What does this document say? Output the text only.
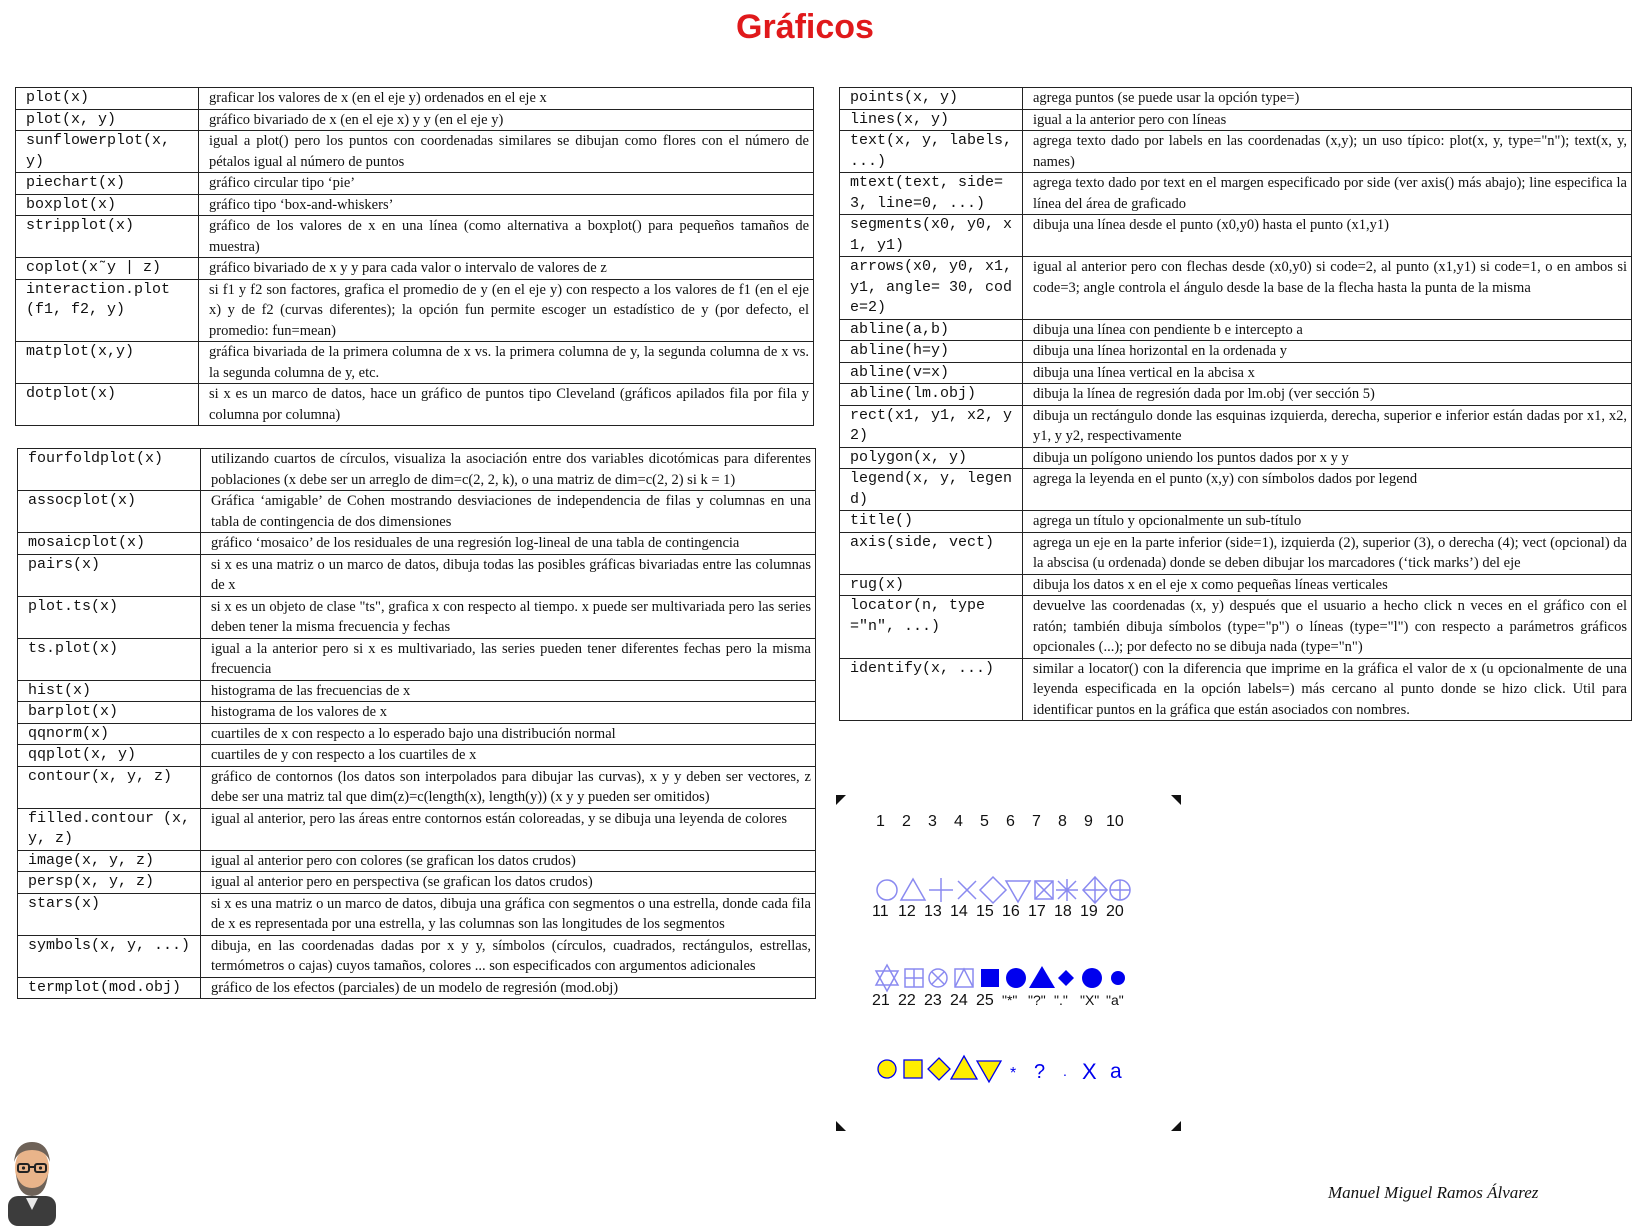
Gráficos
plot(x)	graficar los valores de x (en el eje y) ordenados en el eje x
plot(x, y)	gráfico bivariado de x (en el eje x) y y (en el eje y)
sunflowerplot(x, y)	igual a plot() pero los puntos con coordenadas similares se dibujan como flores con el número de pétalos igual al número de puntos
piechart(x)	gráfico circular tipo ‘pie’
boxplot(x)	gráfico tipo ‘box-and-whiskers’
stripplot(x)	gráfico de los valores de x en una línea (como alternativa a boxplot() para pequeños tamaños de muestra)
coplot(x˜y | z)	gráfico bivariado de x y y para cada valor o intervalo de valores de z
interaction.plot (f1, f2, y)	si f1 y f2 son factores, grafica el promedio de y (en el eje y) con respecto a los valores de f1 (en el eje x) y de f2 (curvas diferentes); la opción fun permite escoger un estadístico de y (por defecto, el promedio: fun=mean)
matplot(x,y)	gráfica bivariada de la primera columna de x vs. la primera columna de y, la segunda columna de x vs. la segunda columna de y, etc.
dotplot(x)	si x es un marco de datos, hace un gráfico de puntos tipo Cleveland (gráficos apilados fila por fila y columna por columna)
fourfoldplot(x)	utilizando cuartos de círculos, visualiza la asociación entre dos variables dicotómicas para diferentes poblaciones (x debe ser un arreglo de dim=c(2, 2, k), o una matriz de dim=c(2, 2) si k = 1)
assocplot(x)	Gráfica ‘amigable’ de Cohen mostrando desviaciones de independencia de filas y columnas en una tabla de contingencia de dos dimensiones
mosaicplot(x)	gráfico ‘mosaico’ de los residuales de una regresión log-lineal de una tabla de contingencia
pairs(x)	si x es una matriz o un marco de datos, dibuja todas las posibles gráficas bivariadas entre las columnas de x
plot.ts(x)	si x es un objeto de clase "ts", grafica x con respecto al tiempo. x puede ser multivariada pero las series deben tener la misma frecuencia y fechas
ts.plot(x)	igual a la anterior pero si x es multivariado, las series pueden tener diferentes fechas pero la misma frecuencia
hist(x)	histograma de las frecuencias de x
barplot(x)	histograma de los valores de x
qqnorm(x)	cuartiles de x con respecto a lo esperado bajo una distribución normal
qqplot(x, y)	cuartiles de y con respecto a los cuartiles de x
contour(x, y, z)	gráfico de contornos (los datos son interpolados para dibujar las curvas), x y y deben ser vectores, z debe ser una matriz tal que dim(z)=c(length(x), length(y)) (x y y pueden ser omitidos)
filled.contour (x, y, z)	igual al anterior, pero las áreas entre contornos están coloreadas, y se dibuja una leyenda de colores
image(x, y, z)	igual al anterior pero con colores (se grafican los datos crudos)
persp(x, y, z)	igual al anterior pero en perspectiva (se grafican los datos crudos)
stars(x)	si x es una matriz o un marco de datos, dibuja una gráfica con segmentos o una estrella, donde cada fila de x es representada por una estrella, y las columnas son las longitudes de los segmentos
symbols(x, y, ...)	dibuja, en las coordenadas dadas por x y y, símbolos (círculos, cuadrados, rectángulos, estrellas, termómetros o cajas) cuyos tamaños, colores ... son especificados con argumentos adicionales
termplot(mod.obj)	gráfico de los efectos (parciales) de un modelo de regresión (mod.obj)
points(x, y)	agrega puntos (se puede usar la opción type=)
lines(x, y)	igual a la anterior pero con líneas
text(x, y, labels, ...)	agrega texto dado por labels en las coordenadas (x,y); un uso típico: plot(x, y, type="n"); text(x, y, names)
mtext(text, side=3, line=0, ...)	agrega texto dado por text en el margen especificado por side (ver axis() más abajo); line especifica la línea del área de graficado
segments(x0, y0, x1, y1)	dibuja una línea desde el punto (x0,y0) hasta el punto (x1,y1)
arrows(x0, y0, x1, y1, angle= 30, code=2)	igual al anterior pero con flechas desde (x0,y0) si code=2, al punto (x1,y1) si code=1, o en ambos si code=3; angle controla el ángulo desde la base de la flecha hasta la punta de la misma
abline(a,b)	dibuja una línea con pendiente b e intercepto a
abline(h=y)	dibuja una línea horizontal en la ordenada y
abline(v=x)	dibuja una línea vertical en la abcisa x
abline(lm.obj)	dibuja la línea de regresión dada por lm.obj (ver sección 5)
rect(x1, y1, x2, y2)	dibuja un rectángulo donde las esquinas izquierda, derecha, superior e inferior están dadas por x1, x2, y1, y y2, respectivamente
polygon(x, y)	dibuja un polígono uniendo los puntos dados por x y y
legend(x, y, legend)	agrega la leyenda en el punto (x,y) con símbolos dados por legend
title()	agrega un título y opcionalmente un sub-título
axis(side, vect)	agrega un eje en la parte inferior (side=1), izquierda (2), superior (3), o derecha (4); vect (opcional) da la abscisa (u ordenada) donde se deben dibujar los marcadores (‘tick marks’) del eje
rug(x)	dibuja los datos x en el eje x como pequeñas líneas verticales
locator(n, type="n", ...)	devuelve las coordenadas (x, y) después que el usuario a hecho click n veces en el gráfico con el ratón; también dibuja símbolos (type="p") o líneas (type="l") con respecto a parámetros gráficos opcionales (...); por defecto no se dibuja nada (type="n")
identify(x, ...)	similar a locator() con la diferencia que imprime en la gráfica el valor de x (u opcionalmente de una leyenda especificada en la opción labels=) más cercano al punto donde se hizo click. Util para identificar puntos en la gráfica que están asociados con nombres.
1 2 3 4 5 6 7 8 9 10
11 12 13 14 15 16 17 18 19 20
21 22 23 24 25 "*" "?" "." "X" "a"
* ? . X a
Manuel Miguel Ramos Álvarez
